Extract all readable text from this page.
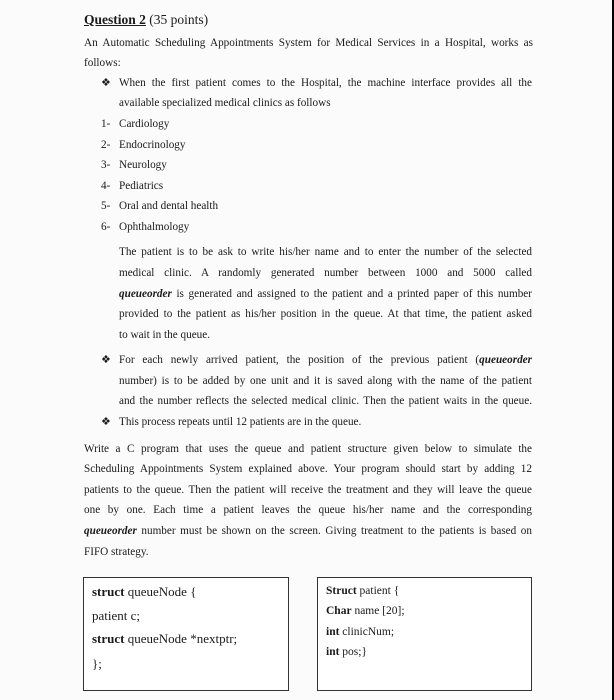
Question 2 (35 points)
An Automatic Scheduling Appointments System for Medical Services in a Hospital, works as
follows:
❖ When the first patient comes to the Hospital, the machine interface provides all the
available specialized medical clinics as follows
1- Cardiology
2- Endocrinology
3- Neurology
4- Pediatrics
5- Oral and dental health
6- Ophthalmology
The patient is to be ask to write his/her name and to enter the number of the selected
medical clinic. A randomly generated number between 1000 and 5000 called
queueorder is generated and assigned to the patient and a printed paper of this number
provided to the patient as his/her position in the queue. At that time, the patient asked
to wait in the queue.
❖ For each newly arrived patient, the position of the previous patient (queueorder
number) is to be added by one unit and it is saved along with the name of the patient
and the number reflects the selected medical clinic. Then the patient waits in the queue.
❖ This process repeats until 12 patients are in the queue.
Write a C program that uses the queue and patient structure given below to simulate the
Scheduling Appointments System explained above. Your program should start by adding 12
patients to the queue. Then the patient will receive the treatment and they will leave the queue
one by one. Each time a patient leaves the queue his/her name and the corresponding
queueorder number must be shown on the screen. Giving treatment to the patients is based on
FIFO strategy.
struct queueNode {
patient c;
struct queueNode *nextptr;
};
Struct patient {
Char name [20];
int clinicNum;
int pos;}
